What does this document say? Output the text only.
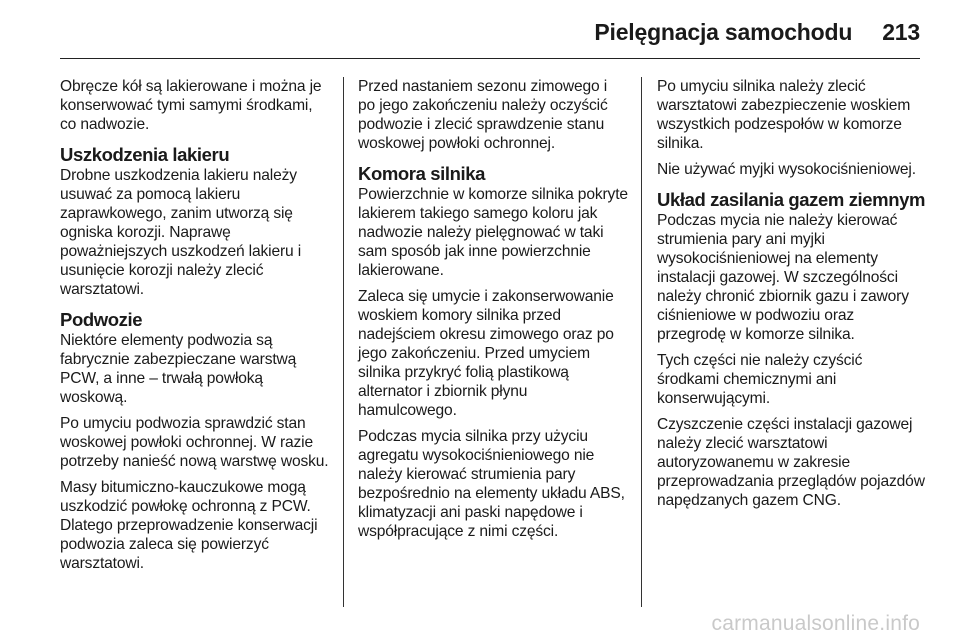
Pielęgnacja samochodu 213

Obręcze kół są lakierowane i można je konserwować tymi samymi środkami, co nadwozie.

Uszkodzenia lakieru

Drobne uszkodzenia lakieru należy usuwać za pomocą lakieru zaprawkowego, zanim utworzą się ogniska korozji. Naprawę poważniejszych uszkodzeń lakieru i usunięcie korozji należy zlecić warsztatowi.

Podwozie

Niektóre elementy podwozia są fabrycznie zabezpieczane warstwą PCW, a inne – trwałą powłoką woskową.

Po umyciu podwozia sprawdzić stan woskowej powłoki ochronnej. W razie potrzeby nanieść nową warstwę wosku.

Masy bitumiczno-kauczukowe mogą uszkodzić powłokę ochronną z PCW. Dlatego przeprowadzenie konserwacji podwozia zaleca się powierzyć warsztatowi.

Przed nastaniem sezonu zimowego i po jego zakończeniu należy oczyścić podwozie i zlecić sprawdzenie stanu woskowej powłoki ochronnej.

Komora silnika

Powierzchnie w komorze silnika pokryte lakierem takiego samego koloru jak nadwozie należy pielęgnować w taki sam sposób jak inne powierzchnie lakierowane.

Zaleca się umycie i zakonserwowanie woskiem komory silnika przed nadejściem okresu zimowego oraz po jego zakończeniu. Przed umyciem silnika przykryć folią plastikową alternator i zbiornik płynu hamulcowego.

Podczas mycia silnika przy użyciu agregatu wysokociśnieniowego nie należy kierować strumienia pary bezpośrednio na elementy układu ABS, klimatyzacji ani paski napędowe i współpracujące z nimi części.

Po umyciu silnika należy zlecić warsztatowi zabezpieczenie woskiem wszystkich podzespołów w komorze silnika.

Nie używać myjki wysokociśnieniowej.

Układ zasilania gazem ziemnym

Podczas mycia nie należy kierować strumienia pary ani myjki wysokociśnieniowej na elementy instalacji gazowej. W szczególności należy chronić zbiornik gazu i zawory ciśnieniowe w podwoziu oraz przegrodę w komorze silnika.

Tych części nie należy czyścić środkami chemicznymi ani konserwującymi.

Czyszczenie części instalacji gazowej należy zlecić warsztatowi autoryzowanemu w zakresie przeprowadzania przeglądów pojazdów napędzanych gazem CNG.

carmanualsonline.info
